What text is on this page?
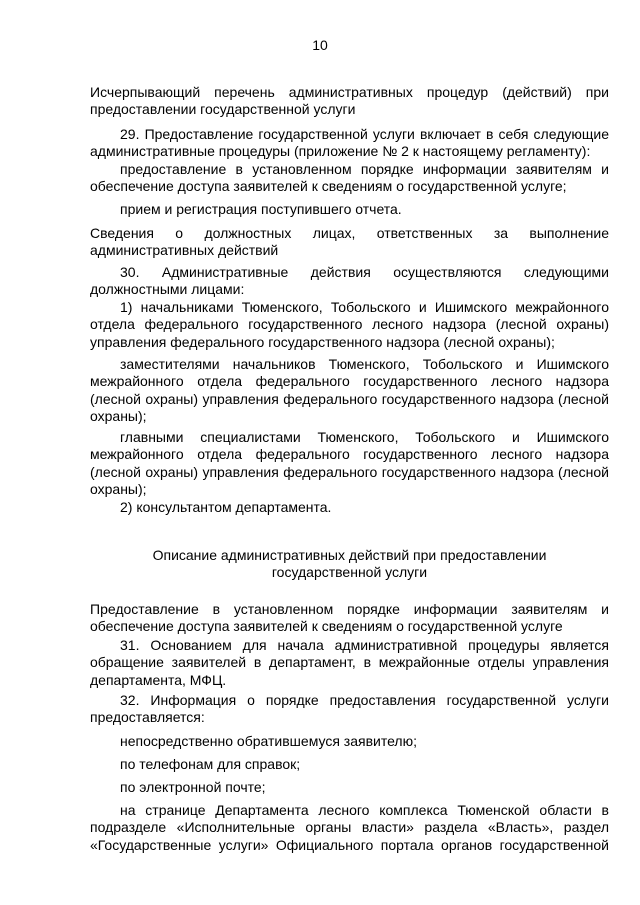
10

Исчерпывающий перечень административных процедур (действий) при предоставлении государственной услуги

29. Предоставление государственной услуги включает в себя следующие административные процедуры (приложение № 2 к настоящему регламенту):

предоставление в установленном порядке информации заявителям и обеспечение доступа заявителей к сведениям о государственной услуге;

прием и регистрация поступившего отчета.

Сведения о должностных лицах, ответственных за выполнение административных действий

30. Административные действия осуществляются следующими должностными лицами:

1) начальниками Тюменского, Тобольского и Ишимского межрайонного отдела федерального государственного лесного надзора (лесной охраны) управления федерального государственного надзора (лесной охраны);

заместителями начальников Тюменского, Тобольского и Ишимского межрайонного отдела федерального государственного лесного надзора (лесной охраны) управления федерального государственного надзора (лесной охраны);

главными специалистами Тюменского, Тобольского и Ишимского межрайонного отдела федерального государственного лесного надзора (лесной охраны) управления федерального государственного надзора (лесной охраны);

2) консультантом департамента.

Описание административных действий при предоставлении

государственной услуги

Предоставление в установленном порядке информации заявителям и обеспечение доступа заявителей к сведениям о государственной услуге

31. Основанием для начала административной процедуры является обращение заявителей в департамент, в межрайонные отделы управления департамента, МФЦ.

32. Информация о порядке предоставления государственной услуги предоставляется:

непосредственно обратившемуся заявителю;

по телефонам для справок;

по электронной почте;

на странице Департамента лесного комплекса Тюменской области в подразделе «Исполнительные органы власти» раздела «Власть», раздел «Государственные услуги» Официального портала органов государственной
